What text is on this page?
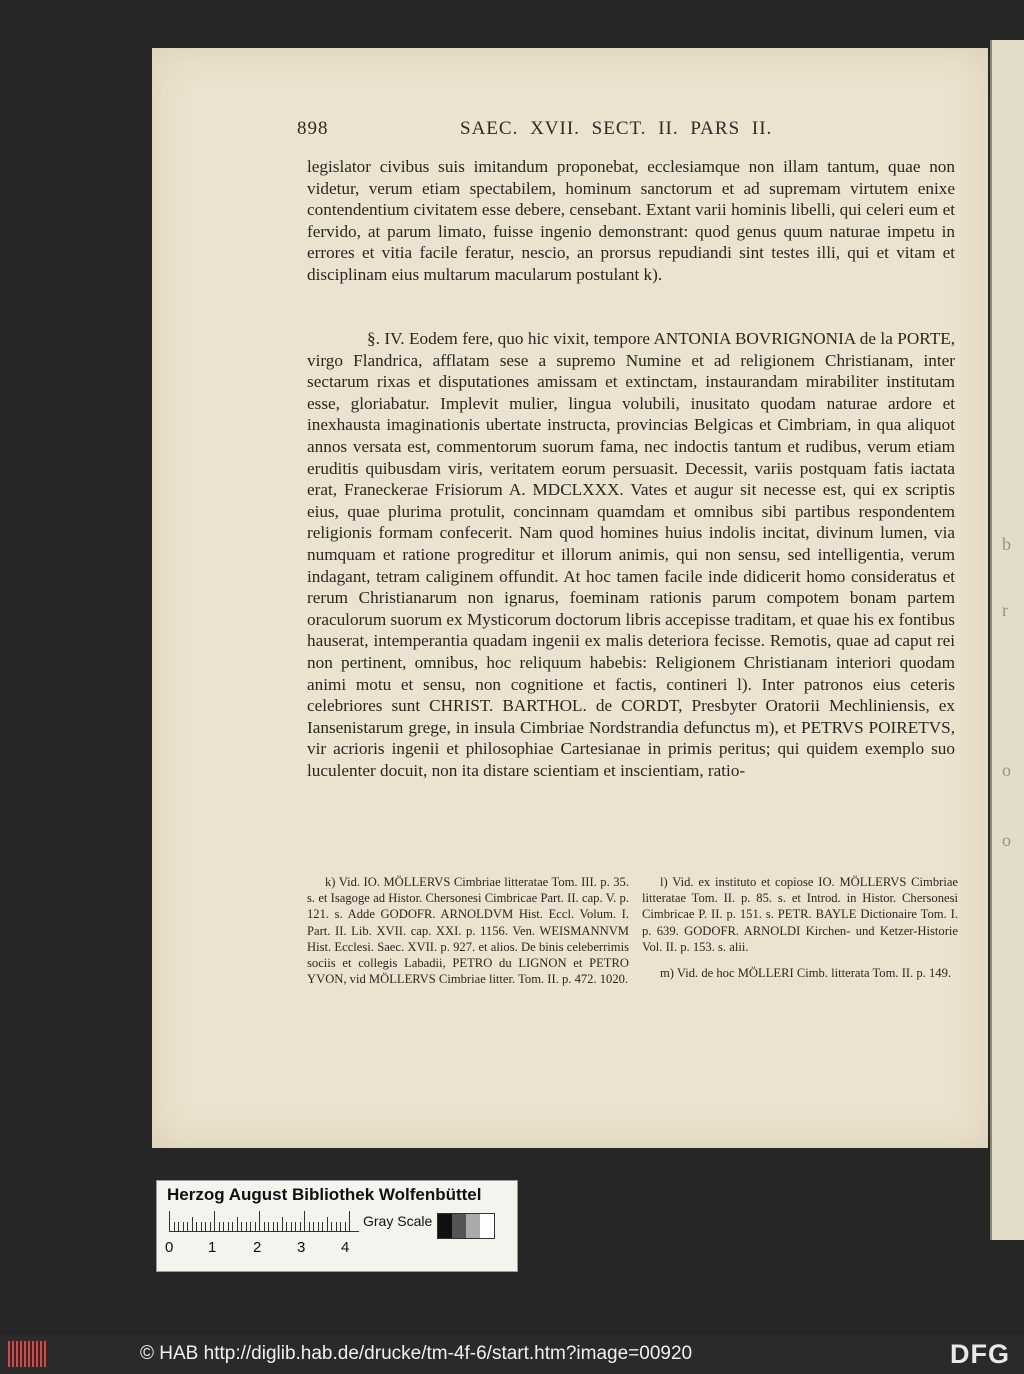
b
r
o
o
898	SAEC. XVII. SECT. II. PARS II.
legislator civibus suis imitandum proponebat, ecclesiamque non illam tantum, quae non videtur, verum etiam spectabilem, hominum sanctorum et ad supremam virtutem enixe contendentium civitatem esse debere, censebant. Extant varii hominis libelli, qui celeri eum et fervido, at parum limato, fuisse ingenio demonstrant: quod genus quum naturae impetu in errores et vitia facile feratur, nescio, an prorsus repudiandi sint testes illi, qui et vitam et disciplinam eius multarum macularum postulant k).
§. IV. Eodem fere, quo hic vixit, tempore ANTONIA BOVRIGNONIA de la PORTE, virgo Flandrica, afflatam sese a supremo Numine et ad religionem Christianam, inter sectarum rixas et disputationes amissam et extinctam, instaurandam mirabiliter institutam esse, gloriabatur. Implevit mulier, lingua volubili, inusitato quodam naturae ardore et inexhausta imaginationis ubertate instructa, provincias Belgicas et Cimbriam, in qua aliquot annos versata est, commentorum suorum fama, nec indoctis tantum et rudibus, verum etiam eruditis quibusdam viris, veritatem eorum persuasit. Decessit, variis postquam fatis iactata erat, Franeckerae Frisiorum A. MDCLXXX. Vates et augur sit necesse est, qui ex scriptis eius, quae plurima protulit, concinnam quamdam et omnibus sibi partibus respondentem religionis formam confecerit. Nam quod homines huius indolis incitat, divinum lumen, via numquam et ratione progreditur et illorum animis, qui non sensu, sed intelligentia, verum indagant, tetram caliginem offundit. At hoc tamen facile inde didicerit homo consideratus et rerum Christianarum non ignarus, foeminam rationis parum compotem bonam partem oraculorum suorum ex Mysticorum doctorum libris accepisse traditam, et quae his ex fontibus hauserat, intemperantia quadam ingenii ex malis deteriora fecisse. Remotis, quae ad caput rei non pertinent, omnibus, hoc reliquum habebis: Religionem Christianam interiori quodam animi motu et sensu, non cognitione et factis, contineri l). Inter patronos eius ceteris celebriores sunt CHRIST. BARTHOL. de CORDT, Presbyter Oratorii Mechliniensis, ex Iansenistarum grege, in insula Cimbriae Nordstrandia defunctus m), et PETRVS POIRETVS, vir acrioris ingenii et philosophiae Cartesianae in primis peritus; qui quidem exemplo suo luculenter docuit, non ita distare scientiam et inscientiam, ratio-
k) Vid. IO. MÖLLERVS Cimbriae litteratae Tom. III. p. 35. s. et Isagoge ad Histor. Chersonesi Cimbricae Part. II. cap. V. p. 121. s. Adde GODOFR. ARNOLDVM Hist. Eccl. Volum. I. Part. II. Lib. XVII. cap. XXI. p. 1156. Ven. WEISMANNVM Hist. Ecclesi. Saec. XVII. p. 927. et alios. De binis celeberrimis sociis et collegis Labadii, PETRO du LIGNON et PETRO YVON, vid MÖLLERVS Cimbriae litter. Tom. II. p. 472. 1020.
l) Vid. ex instituto et copiose IO. MÖLLERVS Cimbriae litteratae Tom. II. p. 85. s. et Introd. in Histor. Chersonesi Cimbricae P. II. p. 151. s. PETR. BAYLE Dictionaire Tom. I. p. 639. GODOFR. ARNOLDI Kirchen- und Ketzer-Historie Vol. II. p. 153. s. alii.
m) Vid. de hoc MÖLLERI Cimb. litterata Tom. II. p. 149.
Herzog August Bibliothek Wolfenbüttel
0 1 2 3 4
Gray Scale
© HAB http://diglib.hab.de/drucke/tm-4f-6/start.htm?image=00920	DFG
